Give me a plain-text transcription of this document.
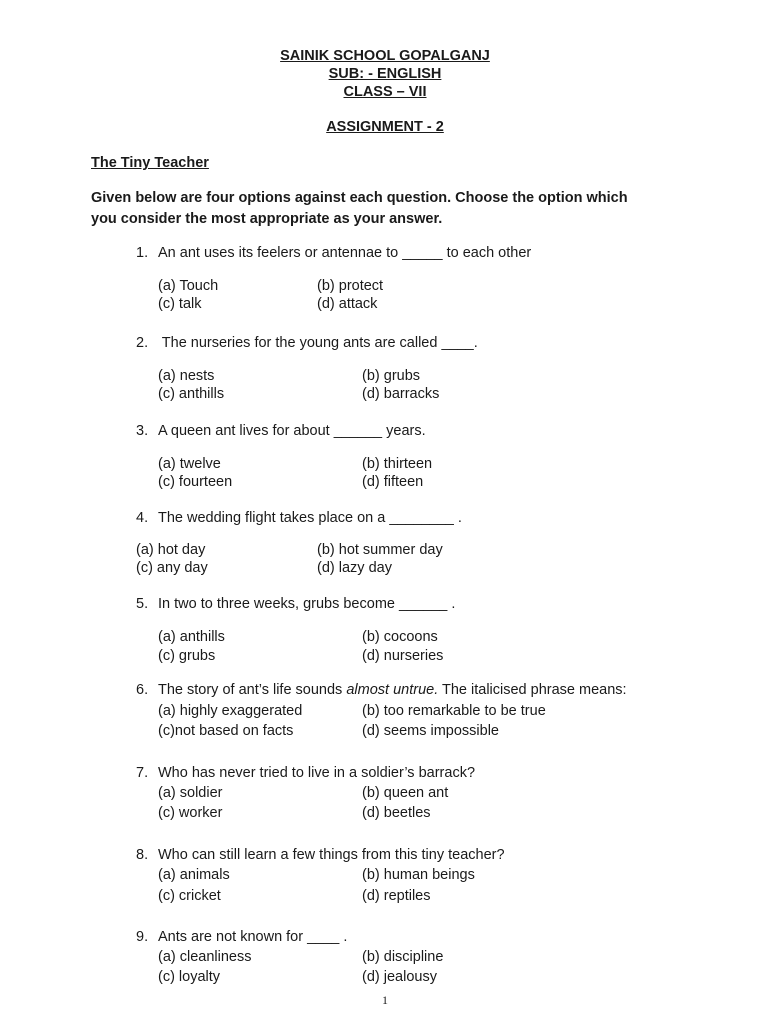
SAINIK SCHOOL GOPALGANJ
SUB: - ENGLISH
CLASS – VII
ASSIGNMENT - 2
The Tiny Teacher
Given below are four options against each question. Choose the option which
you consider the most appropriate as your answer.
1. An ant uses its feelers or antennae to _____ to each other
(a) Touch	(b) protect
(c) talk	(d) attack
2. The nurseries for the young ants are called ____.
(a) nests	(b) grubs
(c) anthills	(d) barracks
3. A queen ant lives for about ______ years.
(a) twelve	(b) thirteen
(c) fourteen	(d) fifteen
4. The wedding flight takes place on a ________ .
(a) hot day	(b) hot summer day
(c) any day	(d) lazy day
5. In two to three weeks, grubs become ______ .
(a) anthills	(b) cocoons
(c) grubs	(d) nurseries
6. The story of ant’s life sounds almost untrue. The italicised phrase means:
(a) highly exaggerated	(b) too remarkable to be true
(c)not based on facts	(d) seems impossible
7. Who has never tried to live in a soldier’s barrack?
(a) soldier	(b) queen ant
(c) worker	(d) beetles
8. Who can still learn a few things from this tiny teacher?
(a) animals	(b) human beings
(c) cricket	(d) reptiles
9. Ants are not known for ____ .
(a) cleanliness	(b) discipline
(c) loyalty	(d) jealousy
1
